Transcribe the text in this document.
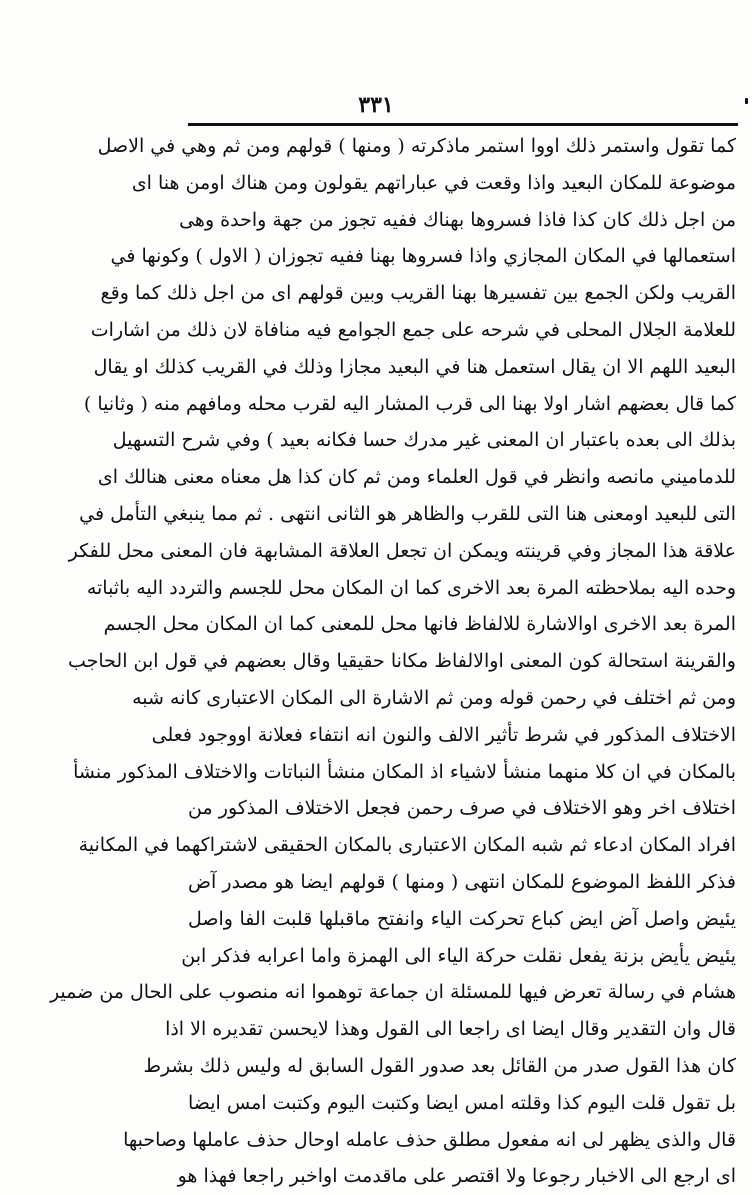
٣٣١
كما تقول واستمر ذلك اووا استمر ماذكرته ( ومنها ) قولهم ومن ثم وهي في الاصل
موضوعة للمكان البعيد واذا وقعت في عباراتهم يقولون ومن هناك اومن هنا اى
من اجل ذلك كان كذا فاذا فسروها بهناك ففيه تجوز من جهة واحدة وهى
استعمالها في المكان المجازي واذا فسروها بهنا ففيه تجوزان ( الاول ) وكونها في
القريب ولكن الجمع بين تفسيرها بهنا القريب وبين قولهم اى من اجل ذلك كما وقع
للعلامة الجلال المحلى في شرحه على جمع الجوامع فيه منافاة لان ذلك من اشارات
البعيد اللهم الا ان يقال استعمل هنا في البعيد مجازا وذلك في القريب كذلك او يقال
كما قال بعضهم اشار اولا بهنا الى قرب المشار اليه لقرب محله ومافهم منه ( وثانيا )
بذلك الى بعده باعتبار ان المعنى غير مدرك حسا فكانه بعيد ) وفي شرح التسهيل
للدماميني مانصه وانظر في قول العلماء ومن ثم كان كذا هل معناه معنى هنالك اى
التى للبعيد اومعنى هنا التى للقرب والظاهر هو الثانى انتهى . ثم مما ينبغي التأمل في
علاقة هذا المجاز وفي قرينته ويمكن ان تجعل العلاقة المشابهة فان المعنى محل للفكر
وحده اليه بملاحظته المرة بعد الاخرى كما ان المكان محل للجسم والتردد اليه باثباته
المرة بعد الاخرى اوالاشارة للالفاظ فانها محل للمعنى كما ان المكان محل الجسم
والقرينة استحالة كون المعنى اوالالفاظ مكانا حقيقيا وقال بعضهم في قول ابن الحاجب
ومن ثم اختلف في رحمن قوله ومن ثم الاشارة الى المكان الاعتبارى كانه شبه
الاختلاف المذكور في شرط تأثير الالف والنون انه انتفاء فعلانة اووجود فعلى
بالمكان في ان كلا منهما منشأ لاشياء اذ المكان منشأ النباتات والاختلاف المذكور منشأ
اختلاف اخر وهو الاختلاف في صرف رحمن فجعل الاختلاف المذكور من
افراد المكان ادعاء ثم شبه المكان الاعتبارى بالمكان الحقيقى لاشتراكهما في المكانية
فذكر اللفظ الموضوع للمكان انتهى ( ومنها ) قولهم ايضا هو مصدر آض
يئيض واصل آض ايض كباع تحركت الياء وانفتح ماقبلها قلبت الفا واصل
يئيض يأيض بزنة يفعل نقلت حركة الياء الى الهمزة واما اعرابه فذكر ابن
هشام في رسالة تعرض فيها للمسئلة ان جماعة توهموا انه منصوب على الحال من ضمير
قال وان التقدير وقال ايضا اى راجعا الى القول وهذا لايحسن تقديره الا اذا
كان هذا القول صدر من القائل بعد صدور القول السابق له وليس ذلك بشرط
بل تقول قلت اليوم كذا وقلته امس ايضا وكتبت اليوم وكتبت امس ايضا
قال والذى يظهر لى انه مفعول مطلق حذف عامله اوحال حذف عاملها وصاحبها
اى ارجع الى الاخبار رجوعا ولا اقتصر على ماقدمت اواخبر راجعا فهذا هو
